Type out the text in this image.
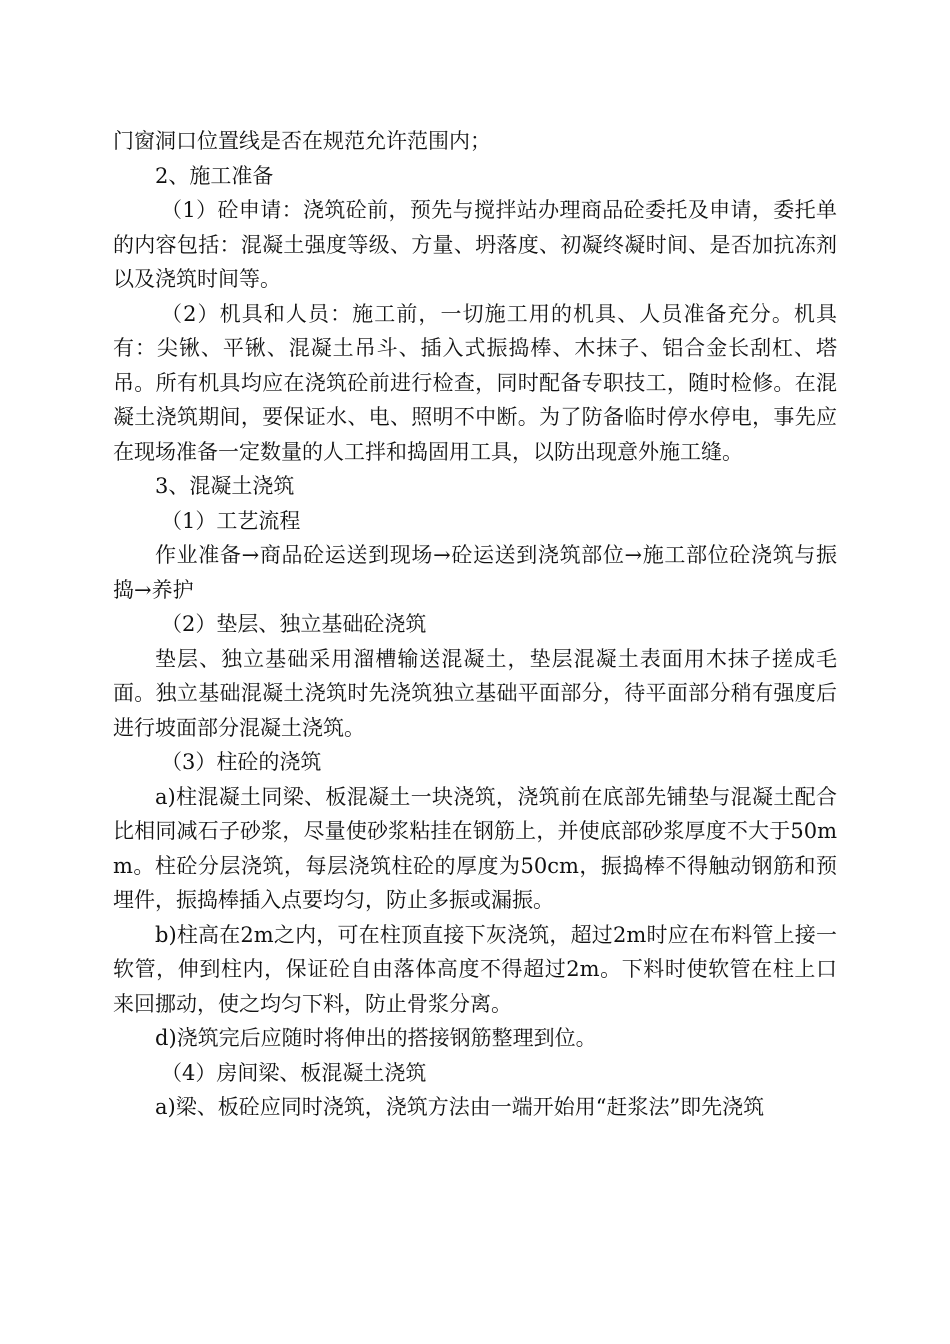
门窗洞口位置线是否在规范允许范围内；

2、施工准备

（1）砼申请：浇筑砼前，预先与搅拌站办理商品砼委托及申请，委托单的内容包括：混凝土强度等级、方量、坍落度、初凝终凝时间、是否加抗冻剂以及浇筑时间等。

（2）机具和人员：施工前，一切施工用的机具、人员准备充分。机具有：尖锹、平锹、混凝土吊斗、插入式振捣棒、木抹子、铝合金长刮杠、塔吊。所有机具均应在浇筑砼前进行检查，同时配备专职技工，随时检修。在混凝土浇筑期间，要保证水、电、照明不中断。为了防备临时停水停电，事先应在现场准备一定数量的人工拌和捣固用工具，以防出现意外施工缝。

3、混凝土浇筑

（1）工艺流程

作业准备→商品砼运送到现场→砼运送到浇筑部位→施工部位砼浇筑与振捣→养护

（2）垫层、独立基础砼浇筑

垫层、独立基础采用溜槽输送混凝土，垫层混凝土表面用木抹子搓成毛面。独立基础混凝土浇筑时先浇筑独立基础平面部分，待平面部分稍有强度后进行坡面部分混凝土浇筑。

（3）柱砼的浇筑

a)柱混凝土同梁、板混凝土一块浇筑，浇筑前在底部先铺垫与混凝土配合比相同减石子砂浆，尽量使砂浆粘挂在钢筋上，并使底部砂浆厚度不大于50mm。柱砼分层浇筑，每层浇筑柱砼的厚度为50cm，振捣棒不得触动钢筋和预埋件，振捣棒插入点要均匀，防止多振或漏振。

b)柱高在2m之内，可在柱顶直接下灰浇筑，超过2m时应在布料管上接一软管，伸到柱内，保证砼自由落体高度不得超过2m。下料时使软管在柱上口来回挪动，使之均匀下料，防止骨浆分离。

d)浇筑完后应随时将伸出的搭接钢筋整理到位。

（4）房间梁、板混凝土浇筑

a)梁、板砼应同时浇筑，浇筑方法由一端开始用“赶浆法”即先浇筑
